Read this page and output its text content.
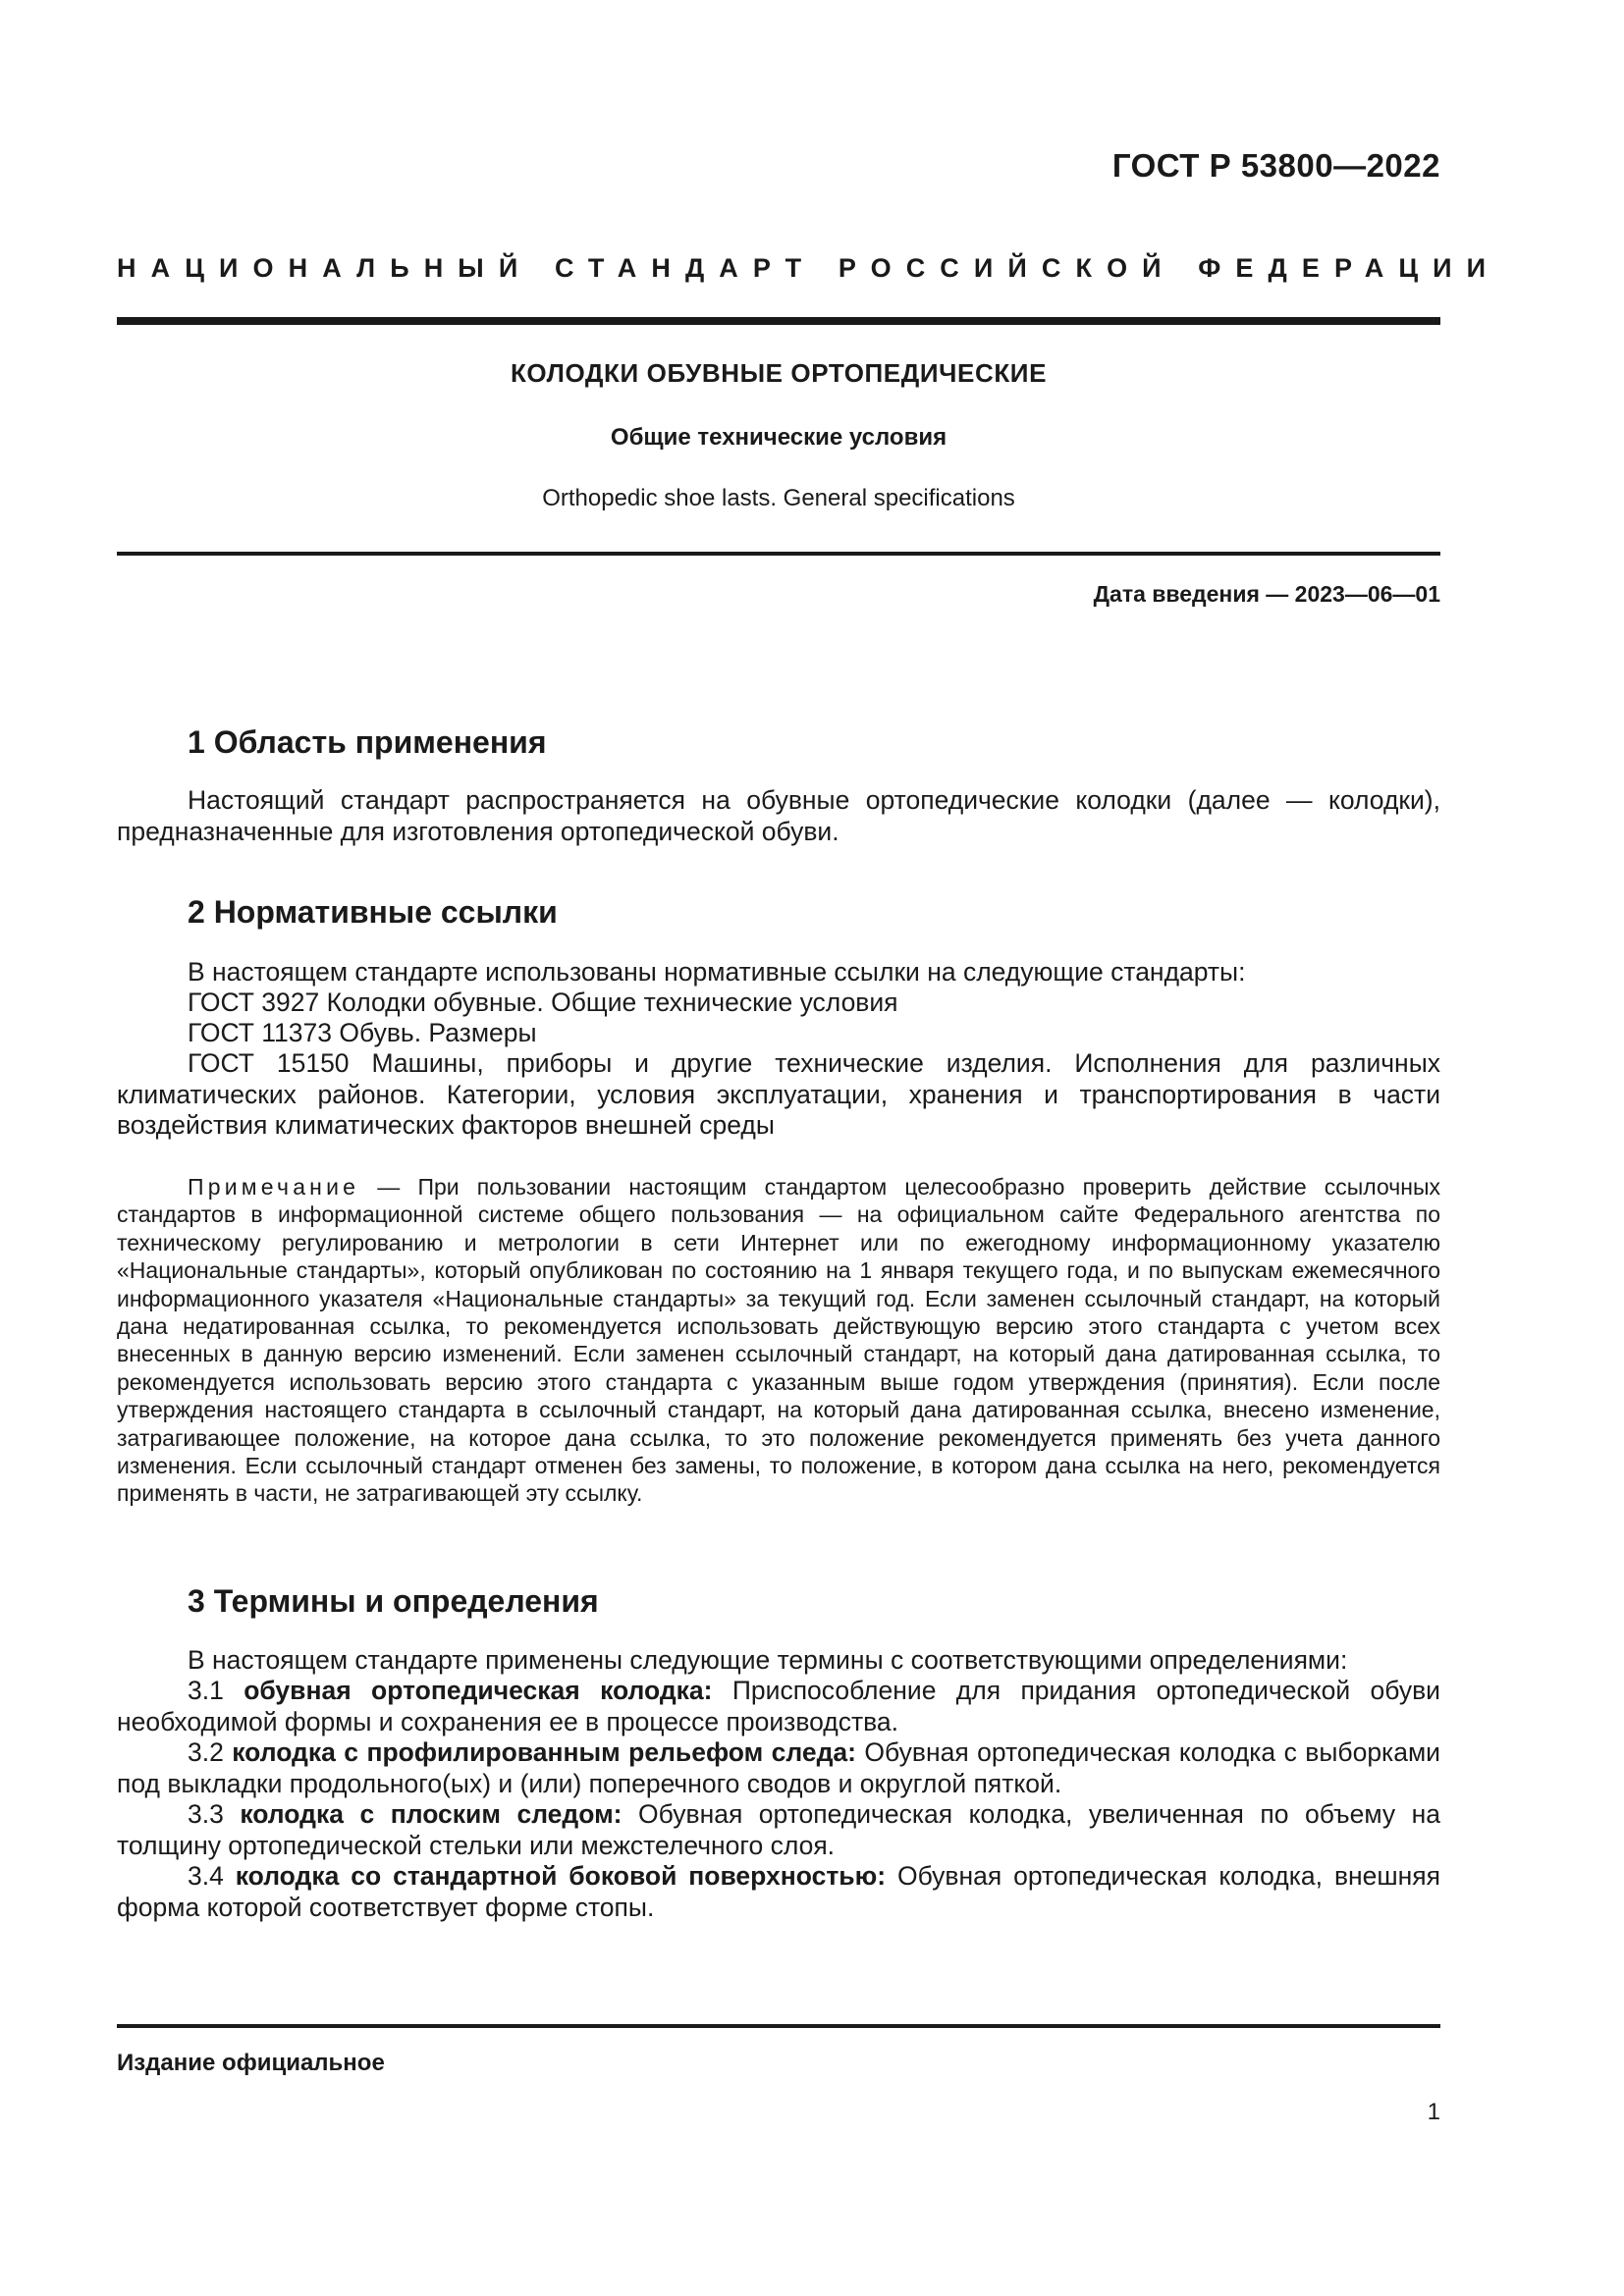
ГОСТ Р 53800—2022
НАЦИОНАЛЬНЫЙ СТАНДАРТ РОССИЙСКОЙ ФЕДЕРАЦИИ
КОЛОДКИ ОБУВНЫЕ ОРТОПЕДИЧЕСКИЕ
Общие технические условия
Orthopedic shoe lasts. General specifications
Дата введения — 2023—06—01
1 Область применения
Настоящий стандарт распространяется на обувные ортопедические колодки (далее — колодки), предназначенные для изготовления ортопедической обуви.
2 Нормативные ссылки
В настоящем стандарте использованы нормативные ссылки на следующие стандарты:
ГОСТ 3927 Колодки обувные. Общие технические условия
ГОСТ 11373 Обувь. Размеры
ГОСТ 15150 Машины, приборы и другие технические изделия. Исполнения для различных климатических районов. Категории, условия эксплуатации, хранения и транспортирования в части воздействия климатических факторов внешней среды
Примечание — При пользовании настоящим стандартом целесообразно проверить действие ссылочных стандартов в информационной системе общего пользования — на официальном сайте Федерального агентства по техническому регулированию и метрологии в сети Интернет или по ежегодному информационному указателю «Национальные стандарты», который опубликован по состоянию на 1 января текущего года, и по выпускам ежемесячного информационного указателя «Национальные стандарты» за текущий год. Если заменен ссылочный стандарт, на который дана недатированная ссылка, то рекомендуется использовать действующую версию этого стандарта с учетом всех внесенных в данную версию изменений. Если заменен ссылочный стандарт, на который дана датированная ссылка, то рекомендуется использовать версию этого стандарта с указанным выше годом утверждения (принятия). Если после утверждения настоящего стандарта в ссылочный стандарт, на который дана датированная ссылка, внесено изменение, затрагивающее положение, на которое дана ссылка, то это положение рекомендуется применять без учета данного изменения. Если ссылочный стандарт отменен без замены, то положение, в котором дана ссылка на него, рекомендуется применять в части, не затрагивающей эту ссылку.
3 Термины и определения
В настоящем стандарте применены следующие термины с соответствующими определениями:
3.1 обувная ортопедическая колодка: Приспособление для придания ортопедической обуви необходимой формы и сохранения ее в процессе производства.
3.2 колодка с профилированным рельефом следа: Обувная ортопедическая колодка с выборками под выкладки продольного(ых) и (или) поперечного сводов и округлой пяткой.
3.3 колодка с плоским следом: Обувная ортопедическая колодка, увеличенная по объему на толщину ортопедической стельки или межстелечного слоя.
3.4 колодка со стандартной боковой поверхностью: Обувная ортопедическая колодка, внешняя форма которой соответствует форме стопы.
Издание официальное
1
